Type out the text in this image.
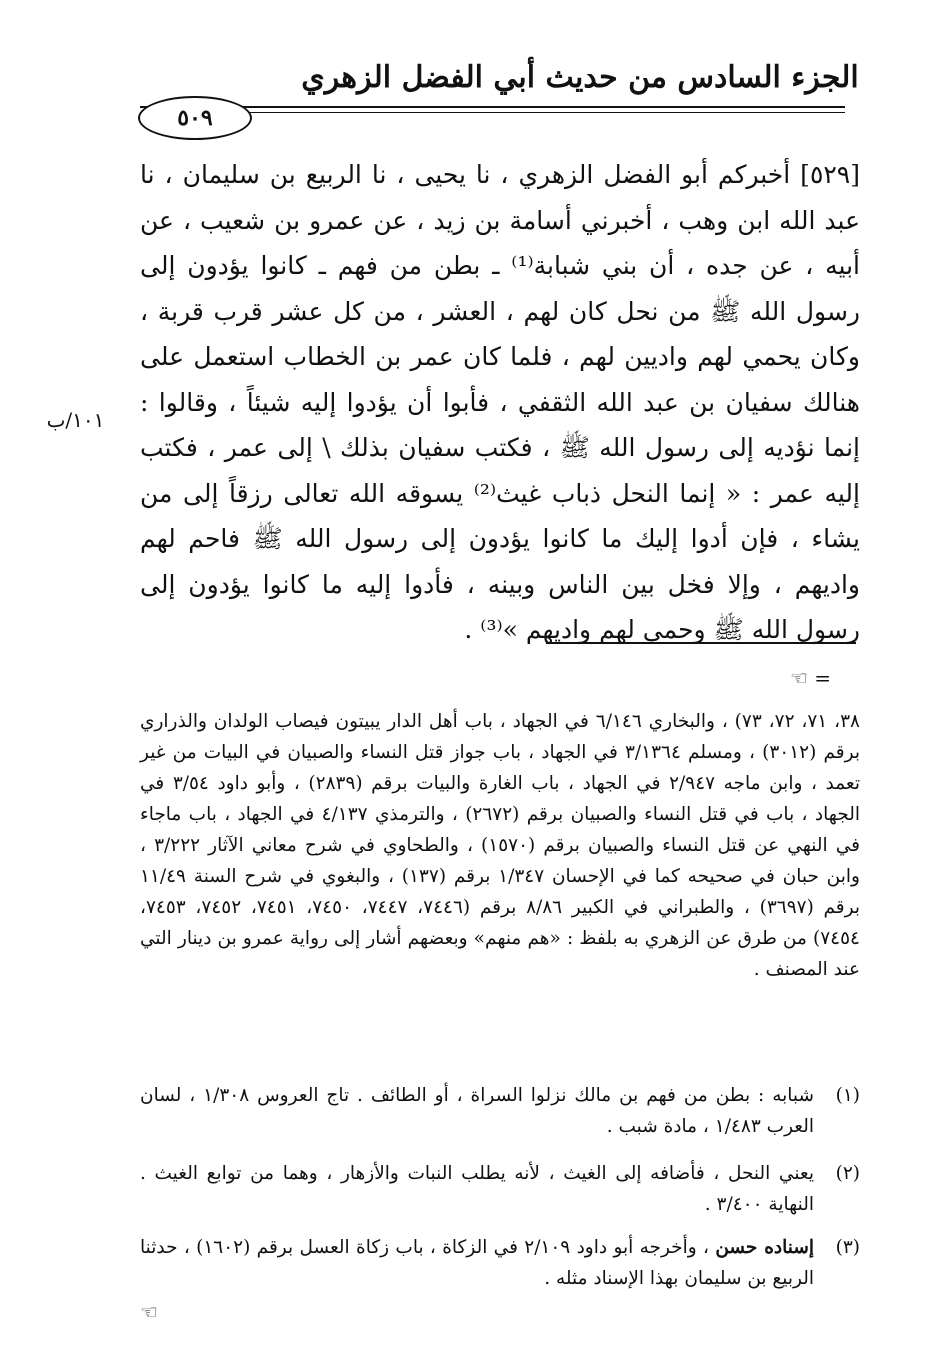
الجزء السادس من حديث أبي الفضل الزهري
٥٠٩

[٥٢٩] أخبركم أبو الفضل الزهري ، نا يحيى ، نا الربيع بن سليمان ، نا عبد الله ابن وهب ، أخبرني أسامة بن زيد ، عن عمرو بن شعيب ، عن أبيه ، عن جده ، أن بني شبابة⁽¹⁾ ـ بطن من فهم ـ كانوا يؤدون إلى رسول الله ﷺ من نحل كان لهم ، العشر ، من كل عشر قرب قربة ، وكان يحمي لهم واديين لهم ، فلما كان عمر بن الخطاب استعمل على هنالك سفيان بن عبد الله الثقفي ، فأبوا أن يؤدوا إليه شيئاً ، وقالوا : إنما نؤديه إلى رسول الله ﷺ ، فكتب سفيان بذلك \ إلى عمر ، فكتب إليه عمر : « إنما النحل ذباب غيث⁽²⁾ يسوقه الله تعالى رزقاً إلى من يشاء ، فإن أدوا إليك ما كانوا يؤدون إلى رسول الله ﷺ فاحم لهم واديهم ، وإلا فخل بين الناس وبينه ، فأدوا إليه ما كانوا يؤدون إلى رسول الله ﷺ وحمى لهم واديهم »⁽³⁾ .

١٠١/ب
= ☜
٣٨، ٧١، ٧٢، ٧٣) ، والبخاري ٦/١٤٦ في الجهاد ، باب أهل الدار يبيتون فيصاب الولدان والذراري برقم (٣٠١٢) ، ومسلم ٣/١٣٦٤ في الجهاد ، باب جواز قتل النساء والصبيان في البيات من غير تعمد ، وابن ماجه ٢/٩٤٧ في الجهاد ، باب الغارة والبيات برقم (٢٨٣٩) ، وأبو داود ٣/٥٤ في الجهاد ، باب في قتل النساء والصبيان برقم (٢٦٧٢) ، والترمذي ٤/١٣٧ في الجهاد ، باب ماجاء في النهي عن قتل النساء والصبيان برقم (١٥٧٠) ، والطحاوي في شرح معاني الآثار ٣/٢٢٢ ، وابن حبان في صحيحه كما في الإحسان ١/٣٤٧ برقم (١٣٧) ، والبغوي في شرح السنة ١١/٤٩ برقم (٣٦٩٧) ، والطبراني في الكبير ٨/٨٦ برقم (٧٤٤٦، ٧٤٤٧، ٧٤٥٠، ٧٤٥١، ٧٤٥٢، ٧٤٥٣، ٧٤٥٤) من طرق عن الزهري به بلفظ : «هم منهم» وبعضهم أشار إلى رواية عمرو بن دينار التي عند المصنف .
(١)
شبابه : بطن من فهم بن مالك نزلوا السراة ، أو الطائف . تاج العروس ١/٣٠٨ ، لسان العرب ١/٤٨٣ ، مادة شبب .
(٢)
يعني النحل ، فأضافه إلى الغيث ، لأنه يطلب النبات والأزهار ، وهما من توابع الغيث . النهاية ٣/٤٠٠ .
(٣)
إسناده حسن ، وأخرجه أبو داود ٢/١٠٩ في الزكاة ، باب زكاة العسل برقم (١٦٠٢) ، حدثنا الربيع بن سليمان بهذا الإسناد مثله .
☜
